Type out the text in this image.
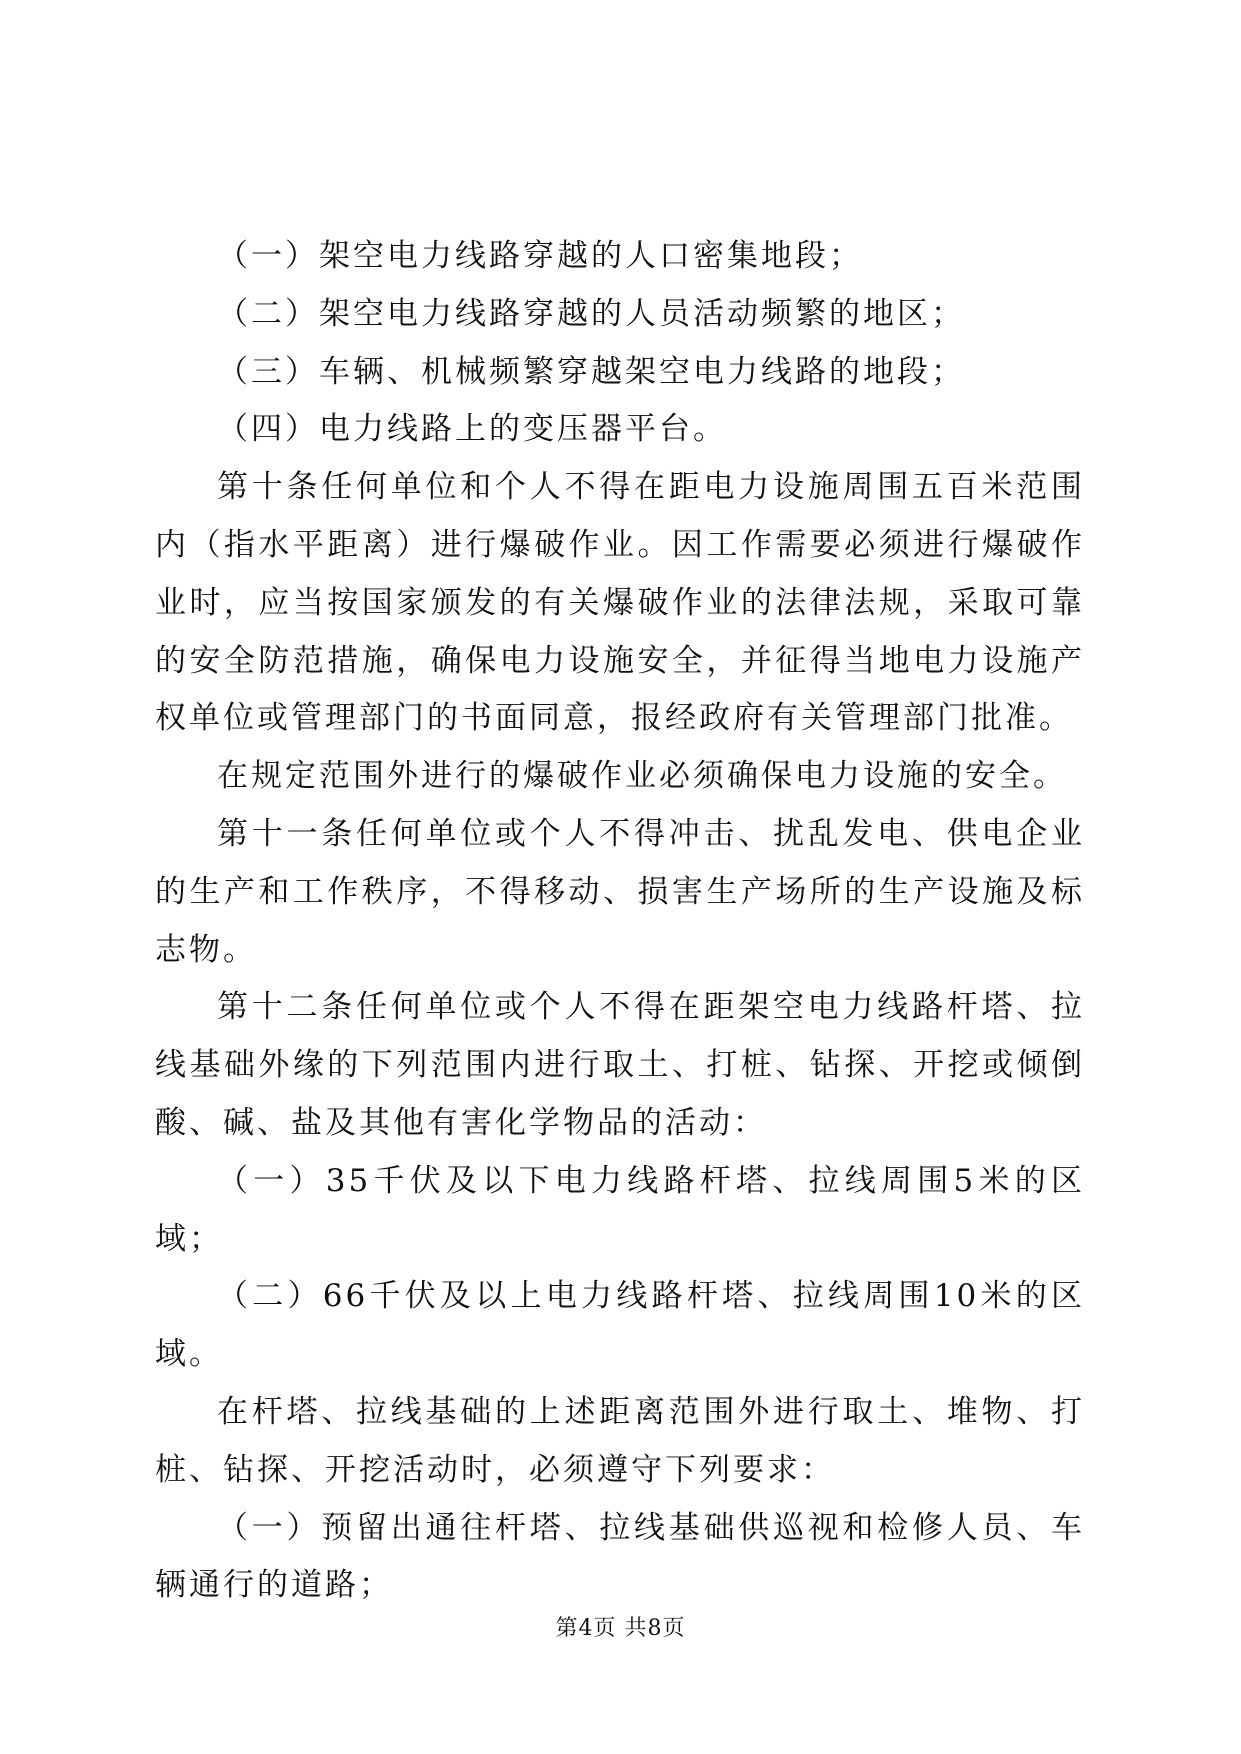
（一）架空电力线路穿越的人口密集地段；

（二）架空电力线路穿越的人员活动频繁的地区；

（三）车辆、机械频繁穿越架空电力线路的地段；

（四）电力线路上的变压器平台。

第十条任何单位和个人不得在距电力设施周围五百米范围内（指水平距离）进行爆破作业。因工作需要必须进行爆破作业时，应当按国家颁发的有关爆破作业的法律法规，采取可靠的安全防范措施，确保电力设施安全，并征得当地电力设施产权单位或管理部门的书面同意，报经政府有关管理部门批准。

在规定范围外进行的爆破作业必须确保电力设施的安全。

第十一条任何单位或个人不得冲击、扰乱发电、供电企业的生产和工作秩序，不得移动、损害生产场所的生产设施及标志物。

第十二条任何单位或个人不得在距架空电力线路杆塔、拉线基础外缘的下列范围内进行取土、打桩、钻探、开挖或倾倒酸、碱、盐及其他有害化学物品的活动：

（一）35千伏及以下电力线路杆塔、拉线周围5米的区域；

（二）66千伏及以上电力线路杆塔、拉线周围10米的区域。

在杆塔、拉线基础的上述距离范围外进行取土、堆物、打桩、钻探、开挖活动时，必须遵守下列要求：

（一）预留出通往杆塔、拉线基础供巡视和检修人员、车辆通行的道路；

第4页 共8页
